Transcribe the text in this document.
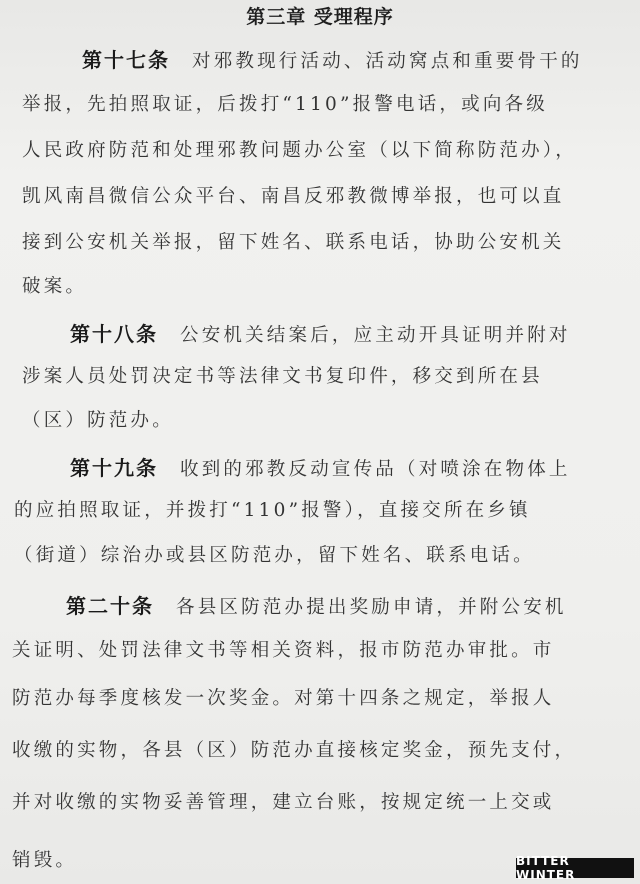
第三章 受理程序
第十七条 对邪教现行活动、活动窝点和重要骨干的
举报，先拍照取证，后拨打“110”报警电话，或向各级
人民政府防范和处理邪教问题办公室（以下简称防范办），
凯风南昌微信公众平台、南昌反邪教微博举报，也可以直
接到公安机关举报，留下姓名、联系电话，协助公安机关
破案。
第十八条 公安机关结案后，应主动开具证明并附对
涉案人员处罚决定书等法律文书复印件，移交到所在县
（区）防范办。
第十九条 收到的邪教反动宣传品（对喷涂在物体上
的应拍照取证，并拨打“110”报警），直接交所在乡镇
（街道）综治办或县区防范办，留下姓名、联系电话。
第二十条 各县区防范办提出奖励申请，并附公安机
关证明、处罚法律文书等相关资料，报市防范办审批。市
防范办每季度核发一次奖金。对第十四条之规定，举报人
收缴的实物，各县（区）防范办直接核定奖金，预先支付，
并对收缴的实物妥善管理，建立台账，按规定统一上交或
销毁。	BITTER WINTER
